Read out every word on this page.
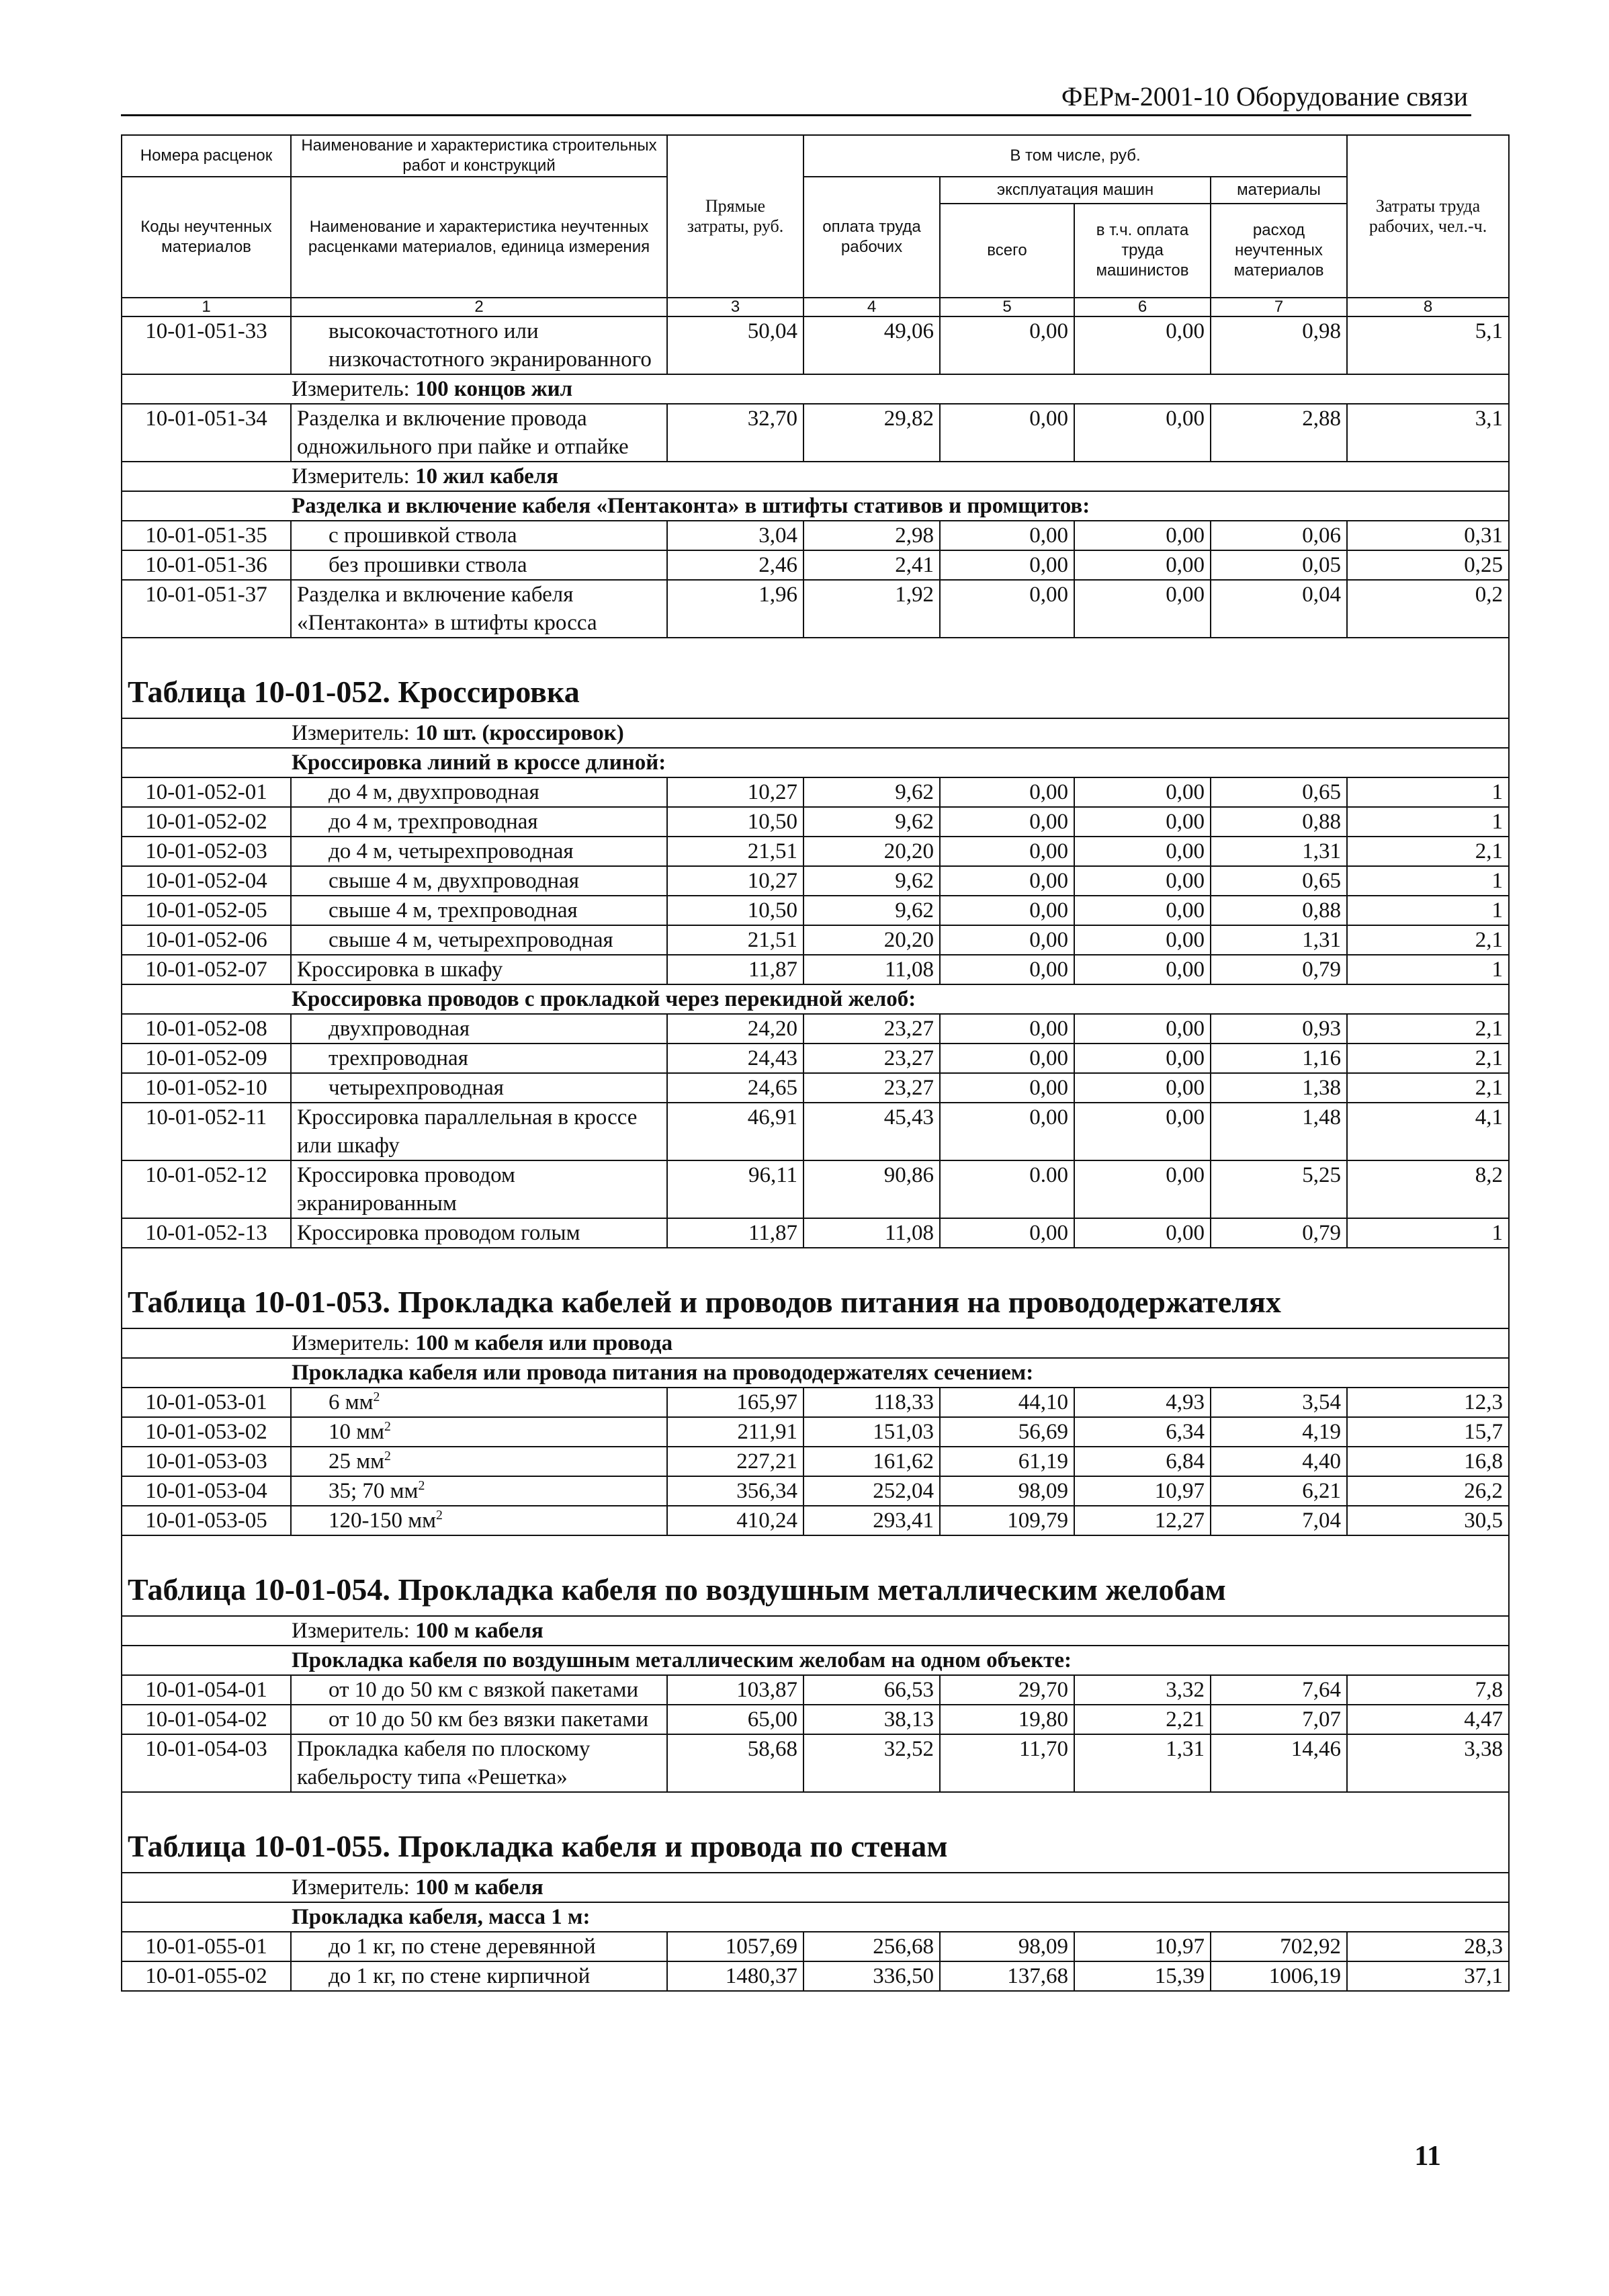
ФЕРм-2001-10 Оборудование связи
Номера расценок	Наименование и характеристика строительных работ и конструкций	Прямые затраты, руб.	В том числе, руб.				Затраты труда рабочих, чел.-ч.
Коды неучтенных материалов	Наименование и характеристика неучтенных расценками материалов, единица измерения		оплата труда рабочих	эксплуатация машин		материалы	
				всего	в т.ч. оплата труда машинистов	расход неучтенных материалов	
1	2	3	4	5	6	7	8
10-01-051-33	высокочастотного или низкочастотного экранированного	50,04	49,06	0,00	0,00	0,98	5,1
Измеритель: 100 концов жил							
10-01-051-34	Разделка и включение провода одножильного при пайке и отпайке	32,70	29,82	0,00	0,00	2,88	3,1
Измеритель: 10 жил кабеля							
Разделка и включение кабеля «Пентаконта» в штифты стативов и промщитов:							
10-01-051-35	с прошивкой ствола	3,04	2,98	0,00	0,00	0,06	0,31
10-01-051-36	без прошивки ствола	2,46	2,41	0,00	0,00	0,05	0,25
10-01-051-37	Разделка и включение кабеля «Пентаконта» в штифты кросса	1,96	1,92	0,00	0,00	0,04	0,2
Таблица 10-01-052. Кроссировка							
Измеритель: 10 шт. (кроссировок)							
Кроссировка линий в кроссе длиной:							
10-01-052-01	до 4 м, двухпроводная	10,27	9,62	0,00	0,00	0,65	1
10-01-052-02	до 4 м, трехпроводная	10,50	9,62	0,00	0,00	0,88	1
10-01-052-03	до 4 м, четырехпроводная	21,51	20,20	0,00	0,00	1,31	2,1
10-01-052-04	свыше 4 м, двухпроводная	10,27	9,62	0,00	0,00	0,65	1
10-01-052-05	свыше 4 м, трехпроводная	10,50	9,62	0,00	0,00	0,88	1
10-01-052-06	свыше 4 м, четырехпроводная	21,51	20,20	0,00	0,00	1,31	2,1
10-01-052-07	Кроссировка в шкафу	11,87	11,08	0,00	0,00	0,79	1
Кроссировка проводов с прокладкой через перекидной желоб:							
10-01-052-08	двухпроводная	24,20	23,27	0,00	0,00	0,93	2,1
10-01-052-09	трехпроводная	24,43	23,27	0,00	0,00	1,16	2,1
10-01-052-10	четырехпроводная	24,65	23,27	0,00	0,00	1,38	2,1
10-01-052-11	Кроссировка параллельная в кроссе или шкафу	46,91	45,43	0,00	0,00	1,48	4,1
10-01-052-12	Кроссировка проводом экранированным	96,11	90,86	0.00	0,00	5,25	8,2
10-01-052-13	Кроссировка проводом голым	11,87	11,08	0,00	0,00	0,79	1
Таблица 10-01-053. Прокладка кабелей и проводов питания на провододержателях							
Измеритель: 100 м кабеля или провода							
Прокладка кабеля или провода питания на провододержателях сечением:							
10-01-053-01	6 $мм^2$	165,97	118,33	44,10	4,93	3,54	12,3
10-01-053-02	10 $мм^2$	211,91	151,03	56,69	6,34	4,19	15,7
10-01-053-03	25 $мм^2$	227,21	161,62	61,19	6,84	4,40	16,8
10-01-053-04	35; 70 $мм^2$	356,34	252,04	98,09	10,97	6,21	26,2
10-01-053-05	120-150 $мм^2$	410,24	293,41	109,79	12,27	7,04	30,5
Таблица 10-01-054. Прокладка кабеля по воздушным металлическим желобам							
Измеритель: 100 м кабеля							
Прокладка кабеля по воздушным металлическим желобам на одном объекте:							
10-01-054-01	от 10 до 50 км с вязкой пакетами	103,87	66,53	29,70	3,32	7,64	7,8
10-01-054-02	от 10 до 50 км без вязки пакетами	65,00	38,13	19,80	2,21	7,07	4,47
10-01-054-03	Прокладка кабеля по плоскому кабельросту типа «Решетка»	58,68	32,52	11,70	1,31	14,46	3,38
Таблица 10-01-055. Прокладка кабеля и провода по стенам							
Измеритель: 100 м кабеля							
Прокладка кабеля, масса 1 м:							
10-01-055-01	до 1 кг, по стене деревянной	1057,69	256,68	98,09	10,97	702,92	28,3
10-01-055-02	до 1 кг, по стене кирпичной	1480,37	336,50	137,68	15,39	1006,19	37,1
11
